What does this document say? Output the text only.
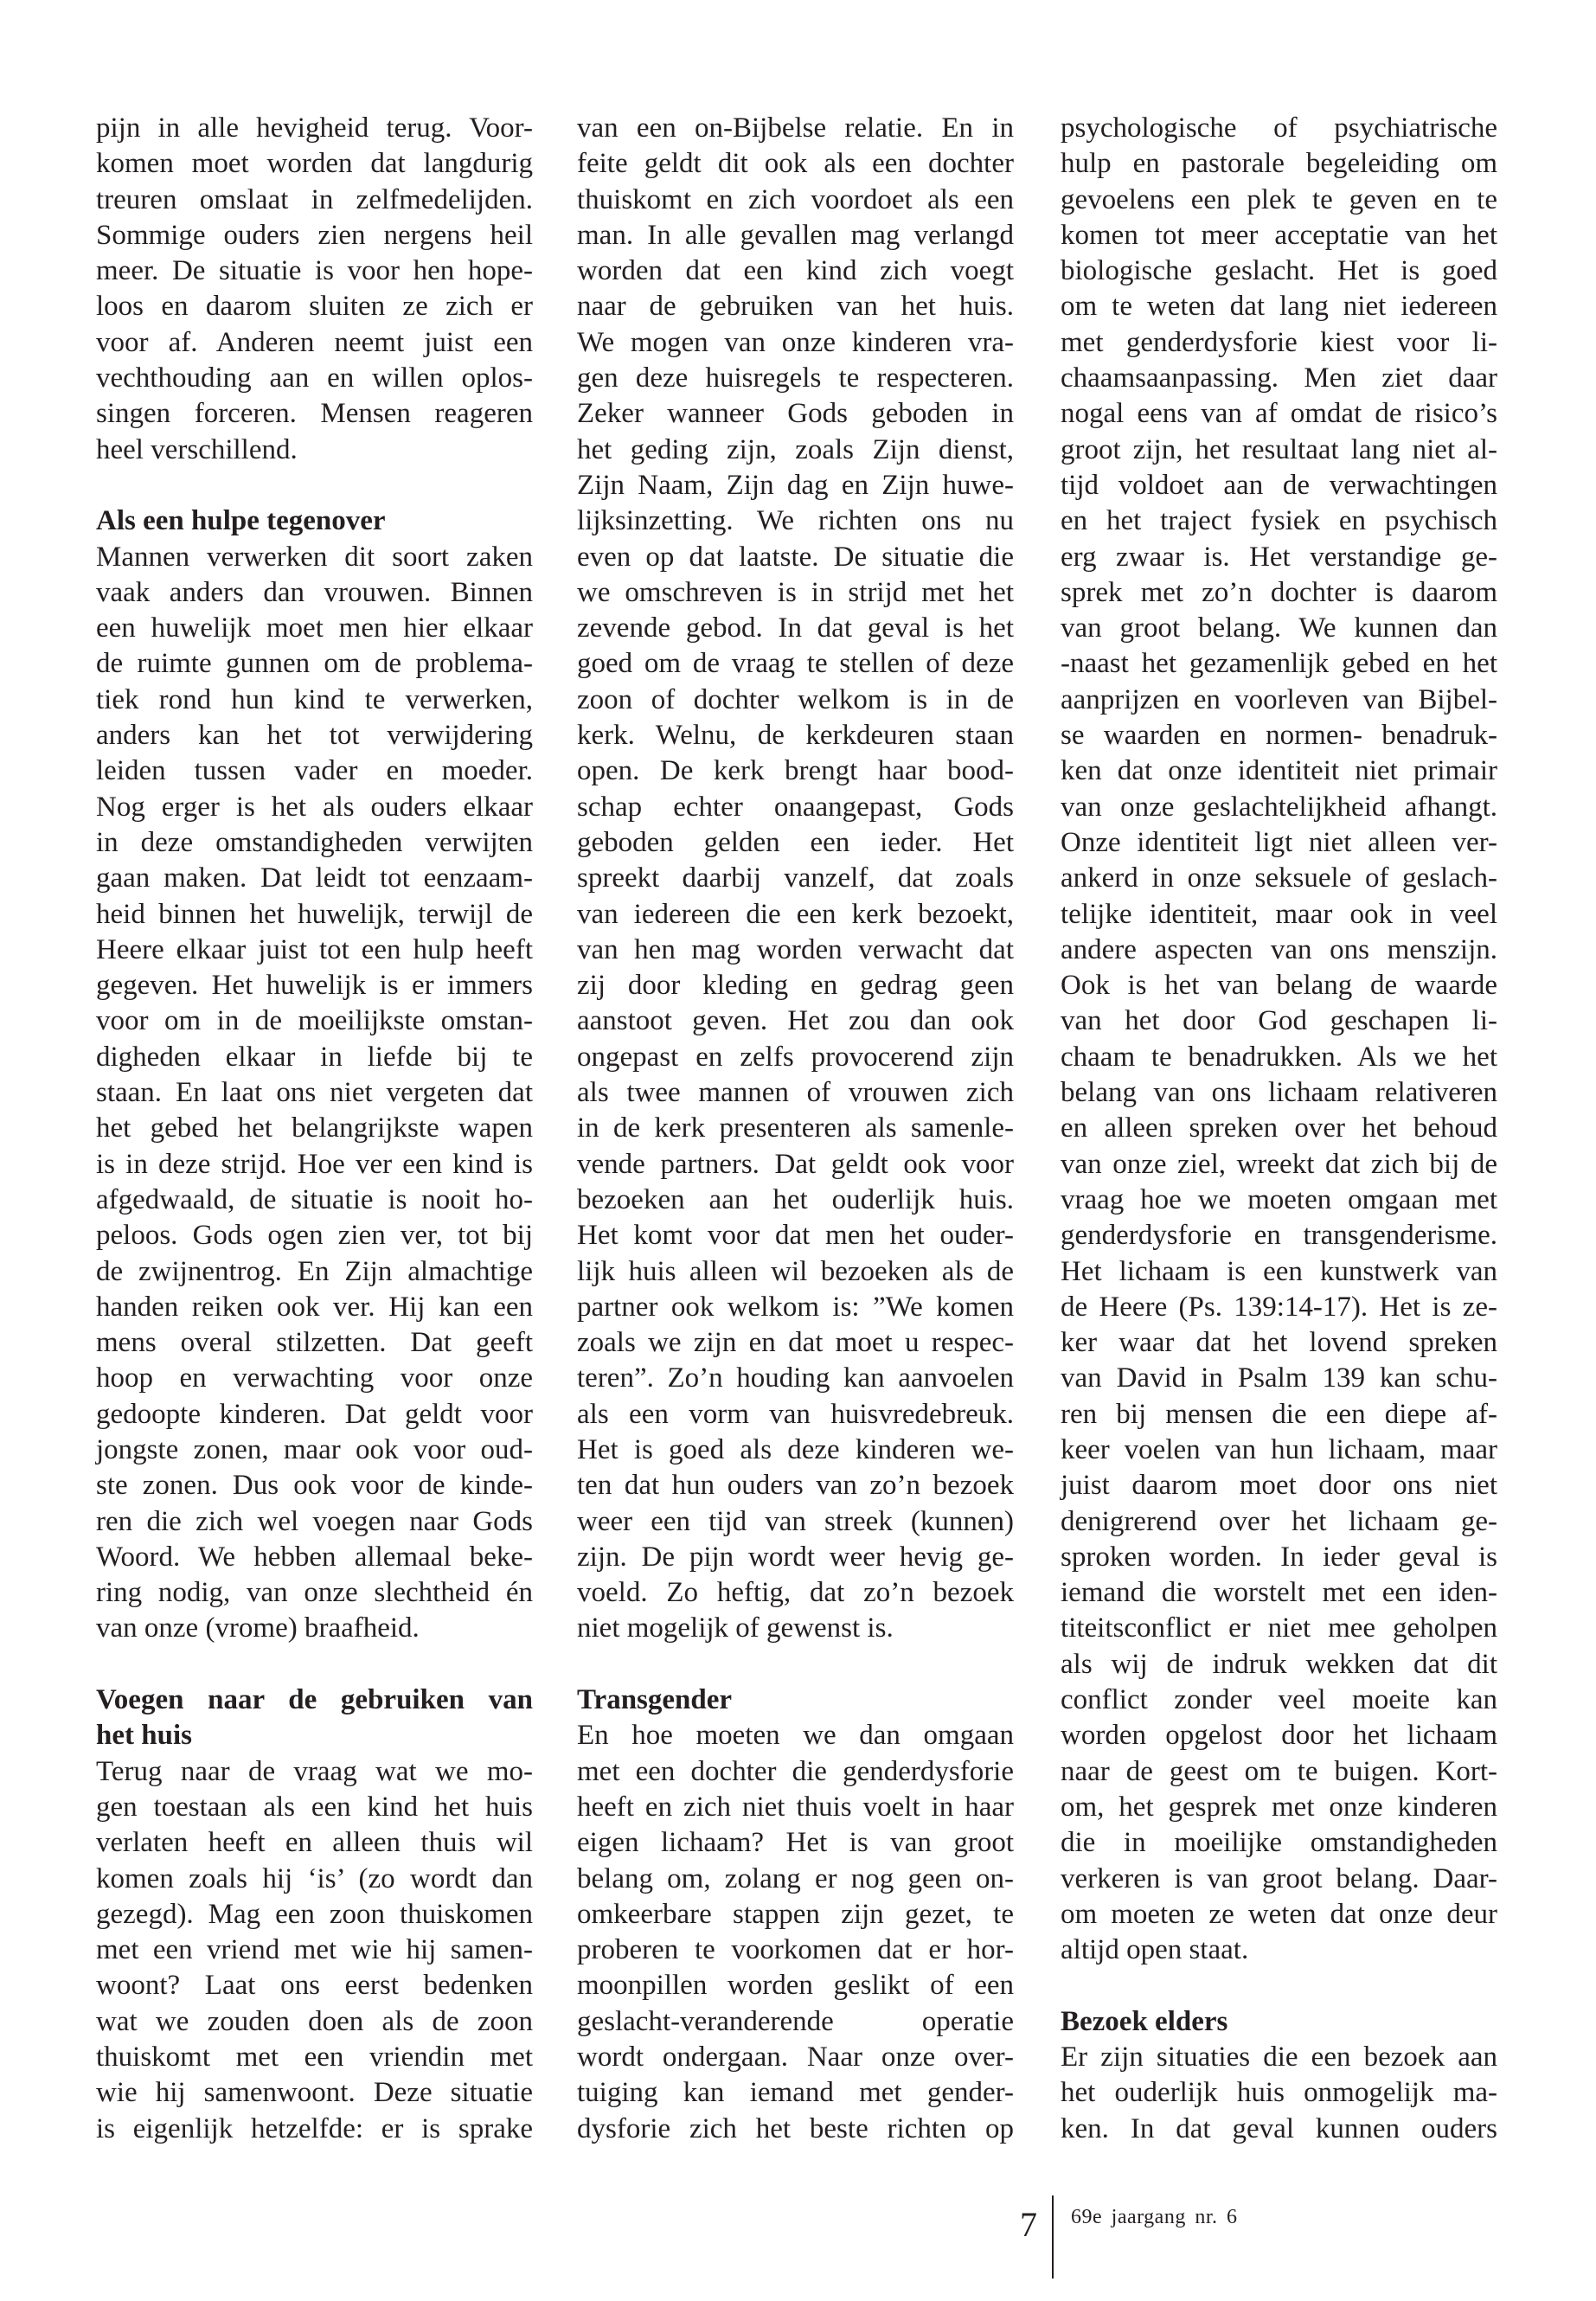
pijn in alle hevigheid terug. Voor-
komen moet worden dat langdurig
treuren omslaat in zelfmedelijden.
Sommige ouders zien nergens heil
meer. De situatie is voor hen hope-
loos en daarom sluiten ze zich er
voor af. Anderen neemt juist een
vechthouding aan en willen oplos-
singen forceren. Mensen reageren
heel verschillend.
Als een hulpe tegenover
Mannen verwerken dit soort zaken
vaak anders dan vrouwen. Binnen
een huwelijk moet men hier elkaar
de ruimte gunnen om de problema-
tiek rond hun kind te verwerken,
anders kan het tot verwijdering
leiden tussen vader en moeder.
Nog erger is het als ouders elkaar
in deze omstandigheden verwijten
gaan maken. Dat leidt tot eenzaam-
heid binnen het huwelijk, terwijl de
Heere elkaar juist tot een hulp heeft
gegeven. Het huwelijk is er immers
voor om in de moeilijkste omstan-
digheden elkaar in liefde bij te
staan. En laat ons niet vergeten dat
het gebed het belangrijkste wapen
is in deze strijd. Hoe ver een kind is
afgedwaald, de situatie is nooit ho-
peloos. Gods ogen zien ver, tot bij
de zwijnentrog. En Zijn almachtige
handen reiken ook ver. Hij kan een
mens overal stilzetten. Dat geeft
hoop en verwachting voor onze
gedoopte kinderen. Dat geldt voor
jongste zonen, maar ook voor oud-
ste zonen. Dus ook voor de kinde-
ren die zich wel voegen naar Gods
Woord. We hebben allemaal beke-
ring nodig, van onze slechtheid én
van onze (vrome) braafheid.
Voegen naar de gebruiken van
het huis
Terug naar de vraag wat we mo-
gen toestaan als een kind het huis
verlaten heeft en alleen thuis wil
komen zoals hij ‘is’ (zo wordt dan
gezegd). Mag een zoon thuiskomen
met een vriend met wie hij samen-
woont? Laat ons eerst bedenken
wat we zouden doen als de zoon
thuiskomt met een vriendin met
wie hij samenwoont. Deze situatie
is eigenlijk hetzelfde: er is sprake
van een on-Bijbelse relatie. En in
feite geldt dit ook als een dochter
thuiskomt en zich voordoet als een
man. In alle gevallen mag verlangd
worden dat een kind zich voegt
naar de gebruiken van het huis.
We mogen van onze kinderen vra-
gen deze huisregels te respecteren.
Zeker wanneer Gods geboden in
het geding zijn, zoals Zijn dienst,
Zijn Naam, Zijn dag en Zijn huwe-
lijksinzetting. We richten ons nu
even op dat laatste. De situatie die
we omschreven is in strijd met het
zevende gebod. In dat geval is het
goed om de vraag te stellen of deze
zoon of dochter welkom is in de
kerk. Welnu, de kerkdeuren staan
open. De kerk brengt haar bood-
schap echter onaangepast, Gods
geboden gelden een ieder. Het
spreekt daarbij vanzelf, dat zoals
van iedereen die een kerk bezoekt,
van hen mag worden verwacht dat
zij door kleding en gedrag geen
aanstoot geven. Het zou dan ook
ongepast en zelfs provocerend zijn
als twee mannen of vrouwen zich
in de kerk presenteren als samenle-
vende partners. Dat geldt ook voor
bezoeken aan het ouderlijk huis.
Het komt voor dat men het ouder-
lijk huis alleen wil bezoeken als de
partner ook welkom is: ”We komen
zoals we zijn en dat moet u respec-
teren”. Zo’n houding kan aanvoelen
als een vorm van huisvredebreuk.
Het is goed als deze kinderen we-
ten dat hun ouders van zo’n bezoek
weer een tijd van streek (kunnen)
zijn. De pijn wordt weer hevig ge-
voeld. Zo heftig, dat zo’n bezoek
niet mogelijk of gewenst is.
Transgender
En hoe moeten we dan omgaan
met een dochter die genderdysforie
heeft en zich niet thuis voelt in haar
eigen lichaam? Het is van groot
belang om, zolang er nog geen on-
omkeerbare stappen zijn gezet, te
proberen te voorkomen dat er hor-
moonpillen worden geslikt of een
geslacht-veranderende operatie
wordt ondergaan. Naar onze over-
tuiging kan iemand met gender-
dysforie zich het beste richten op
psychologische of psychiatrische
hulp en pastorale begeleiding om
gevoelens een plek te geven en te
komen tot meer acceptatie van het
biologische geslacht. Het is goed
om te weten dat lang niet iedereen
met genderdysforie kiest voor li-
chaamsaanpassing. Men ziet daar
nogal eens van af omdat de risico’s
groot zijn, het resultaat lang niet al-
tijd voldoet aan de verwachtingen
en het traject fysiek en psychisch
erg zwaar is. Het verstandige ge-
sprek met zo’n dochter is daarom
van groot belang. We kunnen dan
-naast het gezamenlijk gebed en het
aanprijzen en voorleven van Bijbel-
se waarden en normen- benadruk-
ken dat onze identiteit niet primair
van onze geslachtelijkheid afhangt.
Onze identiteit ligt niet alleen ver-
ankerd in onze seksuele of geslach-
telijke identiteit, maar ook in veel
andere aspecten van ons menszijn.
Ook is het van belang de waarde
van het door God geschapen li-
chaam te benadrukken. Als we het
belang van ons lichaam relativeren
en alleen spreken over het behoud
van onze ziel, wreekt dat zich bij de
vraag hoe we moeten omgaan met
genderdysforie en transgenderisme.
Het lichaam is een kunstwerk van
de Heere (Ps. 139:14-17). Het is ze-
ker waar dat het lovend spreken
van David in Psalm 139 kan schu-
ren bij mensen die een diepe af-
keer voelen van hun lichaam, maar
juist daarom moet door ons niet
denigrerend over het lichaam ge-
sproken worden. In ieder geval is
iemand die worstelt met een iden-
titeitsconflict er niet mee geholpen
als wij de indruk wekken dat dit
conflict zonder veel moeite kan
worden opgelost door het lichaam
naar de geest om te buigen. Kort-
om, het gesprek met onze kinderen
die in moeilijke omstandigheden
verkeren is van groot belang. Daar-
om moeten ze weten dat onze deur
altijd open staat.
Bezoek elders
Er zijn situaties die een bezoek aan
het ouderlijk huis onmogelijk ma-
ken. In dat geval kunnen ouders
7 69e jaargang nr. 6
